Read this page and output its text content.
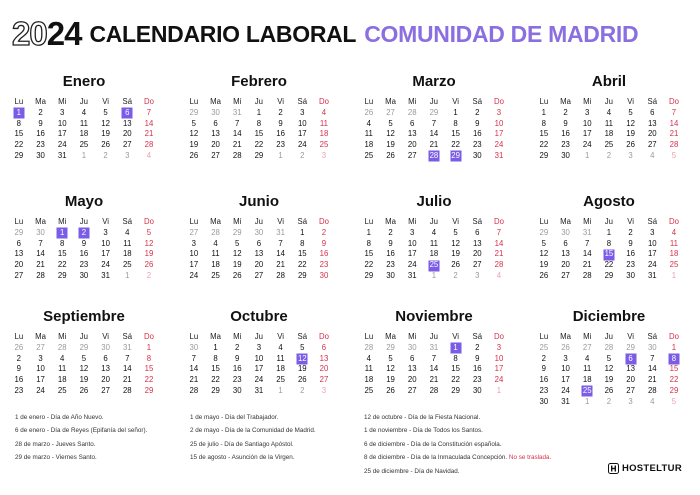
20 24 CALENDARIO LABORAL COMUNIDAD DE MADRID
Enero
Lu	Ma	Mi	Ju	Vi	Sá	Do
1	2	3	4	5	6	7
8	9	10	11	12	13	14
15	16	17	18	19	20	21
22	23	24	25	26	27	28
29	30	31	1	2	3	4
Febrero
Lu	Ma	Mi	Ju	Vi	Sá	Do
29	30	31	1	2	3	4
5	6	7	8	9	10	11
12	13	14	15	16	17	18
19	20	21	22	23	24	25
26	27	28	29	1	2	3
Marzo
Lu	Ma	Mi	Ju	Vi	Sá	Do
26	27	28	29	1	2	3
4	5	6	7	8	9	10
11	12	13	14	15	16	17
18	19	20	21	22	23	24
25	26	27	28	29	30	31
Abril
Lu	Ma	Mi	Ju	Vi	Sá	Do
1	2	3	4	5	6	7
8	9	10	11	12	13	14
15	16	17	18	19	20	21
22	23	24	25	26	27	28
29	30	1	2	3	4	5
Mayo
Lu	Ma	Mi	Ju	Vi	Sá	Do
29	30	1	2	3	4	5
6	7	8	9	10	11	12
13	14	15	16	17	18	19
20	21	22	23	24	25	26
27	28	29	30	31	1	2
Junio
Lu	Ma	Mi	Ju	Vi	Sá	Do
27	28	29	30	31	1	2
3	4	5	6	7	8	9
10	11	12	13	14	15	16
17	18	19	20	21	22	23
24	25	26	27	28	29	30
Julio
Lu	Ma	Mi	Ju	Vi	Sá	Do
1	2	3	4	5	6	7
8	9	10	11	12	13	14
15	16	17	18	19	20	21
22	23	24	25	26	27	28
29	30	31	1	2	3	4
Agosto
Lu	Ma	Mi	Ju	Vi	Sá	Do
29	30	31	1	2	3	4
5	6	7	8	9	10	11
12	13	14	15	16	17	18
19	20	21	22	23	24	25
26	27	28	29	30	31	1
Septiembre
Lu	Ma	Mi	Ju	Vi	Sá	Do
26	27	28	29	30	31	1
2	3	4	5	6	7	8
9	10	11	12	13	14	15
16	17	18	19	20	21	22
23	24	25	26	27	28	29
Octubre
Lu	Ma	Mi	Ju	Vi	Sá	Do
30	1	2	3	4	5	6
7	8	9	10	11	12	13
14	15	16	17	18	19	20
21	22	23	24	25	26	27
28	29	30	31	1	2	3
Noviembre
Lu	Ma	Mi	Ju	Vi	Sá	Do
28	29	30	31	1	2	3
4	5	6	7	8	9	10
11	12	13	14	15	16	17
18	19	20	21	22	23	24
25	26	27	28	29	30	1
Diciembre
Lu	Ma	Mi	Ju	Vi	Sá	Do
25	26	27	28	29	30	1
2	3	4	5	6	7	8
9	10	11	12	13	14	15
16	17	18	19	20	21	22
23	24	25	26	27	28	29
30	31	1	2	3	4	5
1 de enero - Día de Año Nuevo.
6 de enero - Día de Reyes (Epifanía del señor).
28 de marzo - Jueves Santo.
29 de marzo - Viernes Santo.
1 de mayo - Día del Trabajador.
2 de mayo - Día de la Comunidad de Madrid.
25 de julio - Día de Santiago Apóstol.
15 de agosto - Asunción de la Virgen.
12 de octubre - Día de la Fiesta Nacional.
1 de noviembre - Día de Todos los Santos.
6 de diciembre - Día de la Constitución española.
8 de diciembre - Día de la Inmaculada Concepción. No se traslada.
25 de diciembre - Día de Navidad.	HOSTELTUR
